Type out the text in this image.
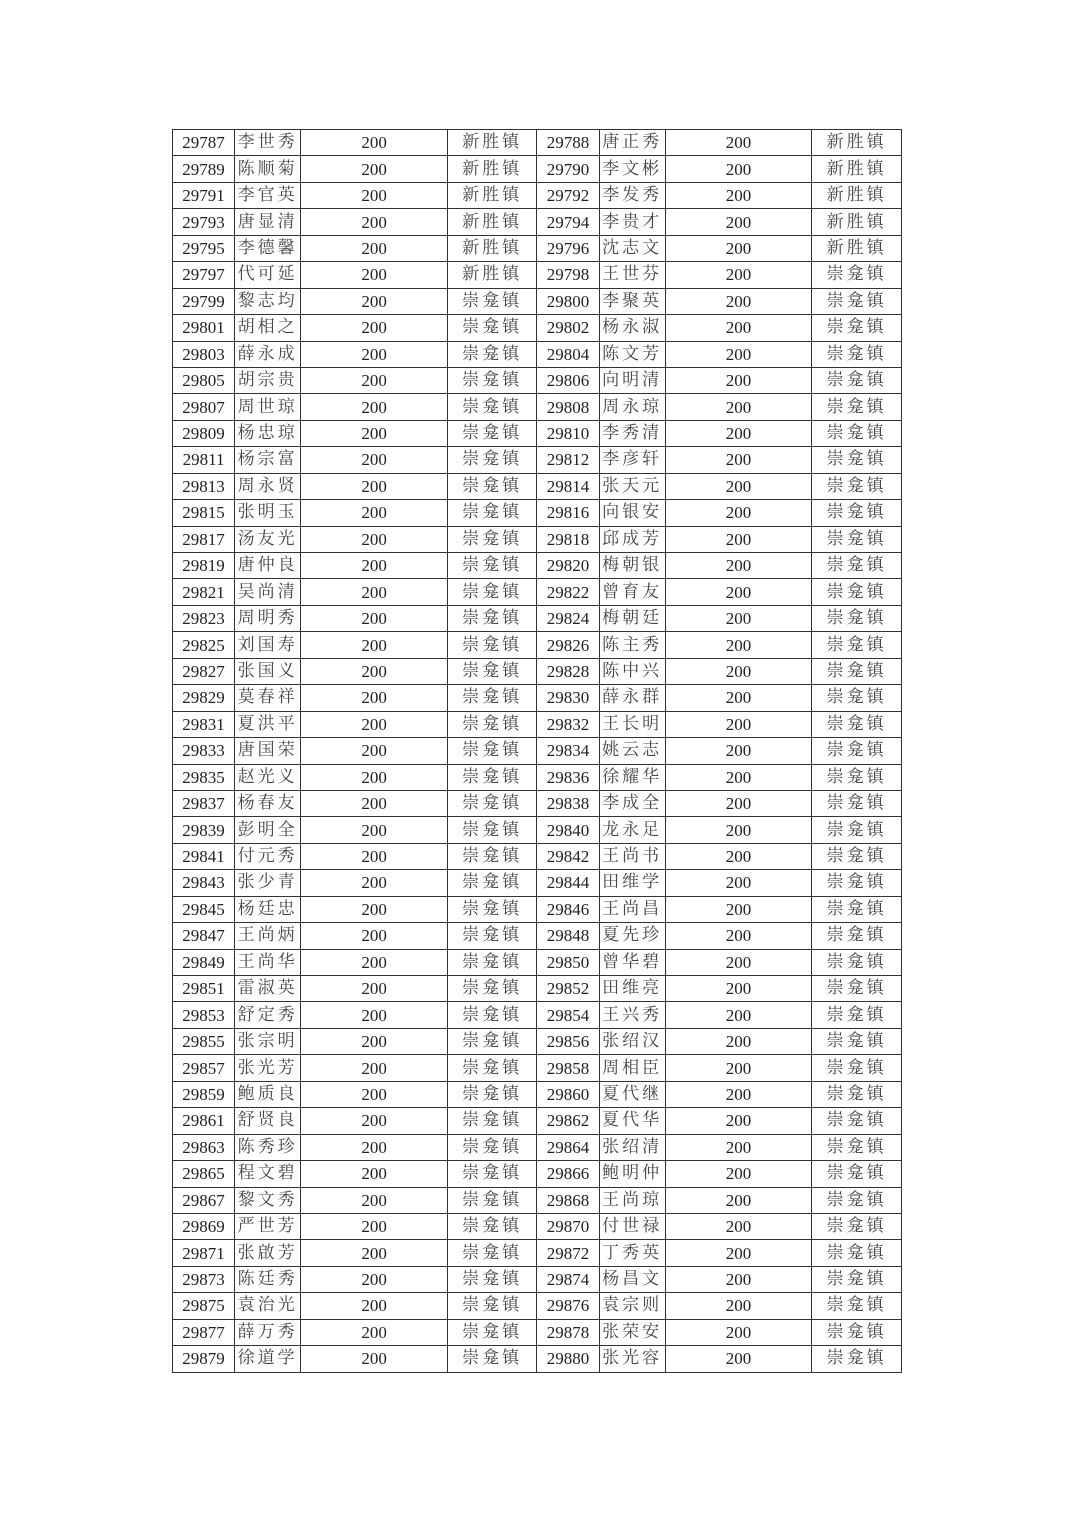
29787	李世秀	200	新胜镇	29788	唐正秀	200	新胜镇
29789	陈顺菊	200	新胜镇	29790	李文彬	200	新胜镇
29791	李官英	200	新胜镇	29792	李发秀	200	新胜镇
29793	唐显清	200	新胜镇	29794	李贵才	200	新胜镇
29795	李德馨	200	新胜镇	29796	沈志文	200	新胜镇
29797	代可延	200	新胜镇	29798	王世芬	200	崇龛镇
29799	黎志均	200	崇龛镇	29800	李聚英	200	崇龛镇
29801	胡相之	200	崇龛镇	29802	杨永淑	200	崇龛镇
29803	薛永成	200	崇龛镇	29804	陈文芳	200	崇龛镇
29805	胡宗贵	200	崇龛镇	29806	向明清	200	崇龛镇
29807	周世琼	200	崇龛镇	29808	周永琼	200	崇龛镇
29809	杨忠琼	200	崇龛镇	29810	李秀清	200	崇龛镇
29811	杨宗富	200	崇龛镇	29812	李彦轩	200	崇龛镇
29813	周永贤	200	崇龛镇	29814	张天元	200	崇龛镇
29815	张明玉	200	崇龛镇	29816	向银安	200	崇龛镇
29817	汤友光	200	崇龛镇	29818	邱成芳	200	崇龛镇
29819	唐仲良	200	崇龛镇	29820	梅朝银	200	崇龛镇
29821	吴尚清	200	崇龛镇	29822	曾育友	200	崇龛镇
29823	周明秀	200	崇龛镇	29824	梅朝廷	200	崇龛镇
29825	刘国寿	200	崇龛镇	29826	陈主秀	200	崇龛镇
29827	张国义	200	崇龛镇	29828	陈中兴	200	崇龛镇
29829	莫春祥	200	崇龛镇	29830	薛永群	200	崇龛镇
29831	夏洪平	200	崇龛镇	29832	王长明	200	崇龛镇
29833	唐国荣	200	崇龛镇	29834	姚云志	200	崇龛镇
29835	赵光义	200	崇龛镇	29836	徐耀华	200	崇龛镇
29837	杨春友	200	崇龛镇	29838	李成全	200	崇龛镇
29839	彭明全	200	崇龛镇	29840	龙永足	200	崇龛镇
29841	付元秀	200	崇龛镇	29842	王尚书	200	崇龛镇
29843	张少青	200	崇龛镇	29844	田维学	200	崇龛镇
29845	杨廷忠	200	崇龛镇	29846	王尚昌	200	崇龛镇
29847	王尚炳	200	崇龛镇	29848	夏先珍	200	崇龛镇
29849	王尚华	200	崇龛镇	29850	曾华碧	200	崇龛镇
29851	雷淑英	200	崇龛镇	29852	田维亮	200	崇龛镇
29853	舒定秀	200	崇龛镇	29854	王兴秀	200	崇龛镇
29855	张宗明	200	崇龛镇	29856	张绍汉	200	崇龛镇
29857	张光芳	200	崇龛镇	29858	周相臣	200	崇龛镇
29859	鲍质良	200	崇龛镇	29860	夏代继	200	崇龛镇
29861	舒贤良	200	崇龛镇	29862	夏代华	200	崇龛镇
29863	陈秀珍	200	崇龛镇	29864	张绍清	200	崇龛镇
29865	程文碧	200	崇龛镇	29866	鲍明仲	200	崇龛镇
29867	黎文秀	200	崇龛镇	29868	王尚琼	200	崇龛镇
29869	严世芳	200	崇龛镇	29870	付世禄	200	崇龛镇
29871	张啟芳	200	崇龛镇	29872	丁秀英	200	崇龛镇
29873	陈廷秀	200	崇龛镇	29874	杨昌文	200	崇龛镇
29875	袁治光	200	崇龛镇	29876	袁宗则	200	崇龛镇
29877	薛万秀	200	崇龛镇	29878	张荣安	200	崇龛镇
29879	徐道学	200	崇龛镇	29880	张光容	200	崇龛镇
